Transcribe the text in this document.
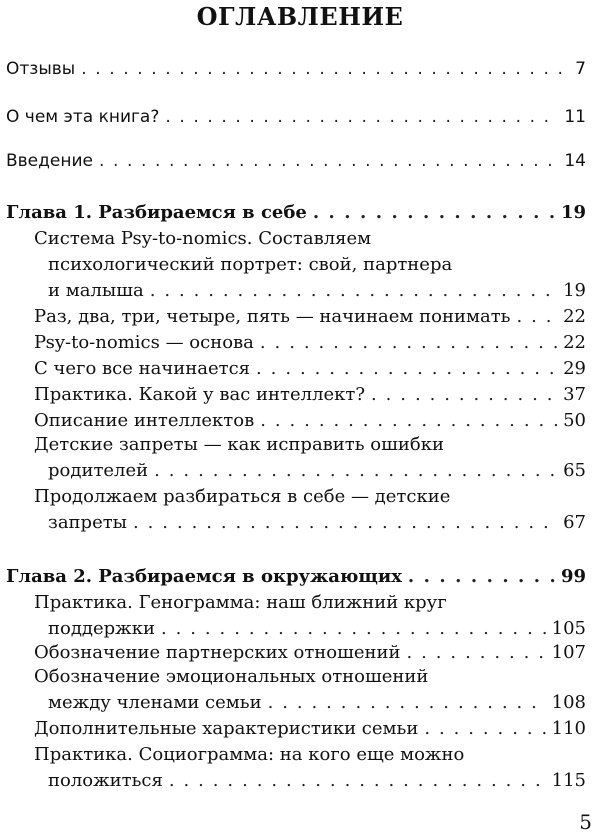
ОГЛАВЛЕНИЕ
Отзывы . . .	7
О чем эта книга? . . .	11
Введение . . .	14
Глава 1. Разбираемся в себе . . .	19
Система Psy-to-nomics. Составляем
психологический портрет: свой, партнера
и малыша . . .	19
Раз, два, три, четыре, пять — начинаем понимать . . .	22
Psy-to-nomics — основа . . .	22
С чего все начинается . . .	29
Практика. Какой у вас интеллект? . . .	37
Описание интеллектов . . .	50
Детские запреты — как исправить ошибки
родителей . . .	65
Продолжаем разбираться в себе — детские
запреты . . .	67
Глава 2. Разбираемся в окружающих . . .	99
Практика. Генограмма: наш ближний круг
поддержки . . .	105
Обозначение партнерских отношений . . .	107
Обозначение эмоциональных отношений
между членами семьи . . .	108
Дополнительные характеристики семьи . . .	110
Практика. Социограмма: на кого еще можно
положиться . . .	115
5
